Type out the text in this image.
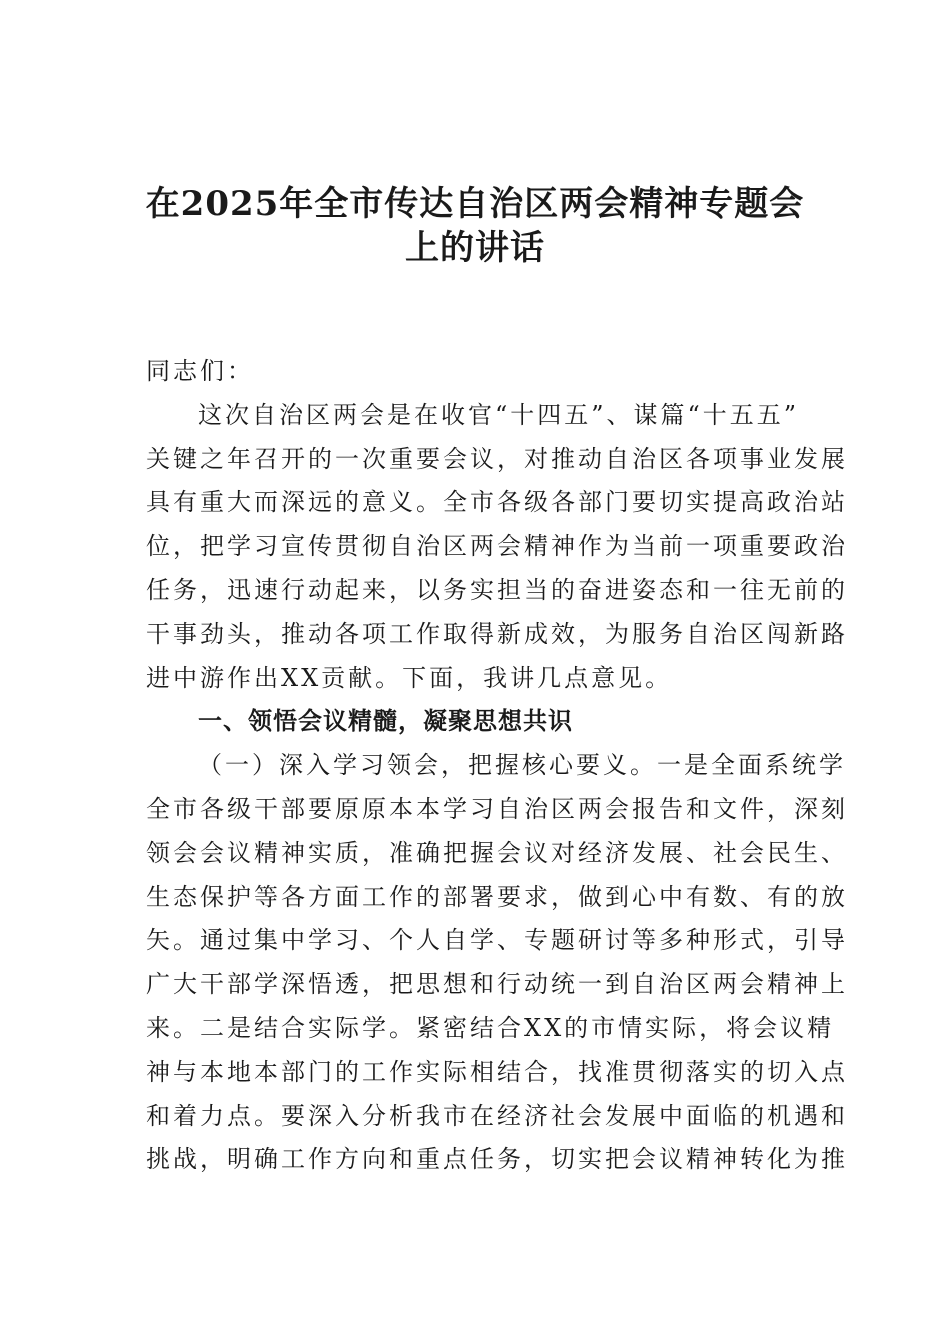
在2025年全市传达自治区两会精神专题会
上的讲话
同志们：
这次自治区两会是在收官“十四五”、谋篇“十五五”
关键之年召开的一次重要会议，对推动自治区各项事业发展
具有重大而深远的意义。全市各级各部门要切实提高政治站
位，把学习宣传贯彻自治区两会精神作为当前一项重要政治
任务，迅速行动起来，以务实担当的奋进姿态和一往无前的
干事劲头，推动各项工作取得新成效，为服务自治区闯新路
进中游作出XX贡献。下面，我讲几点意见。
一、领悟会议精髓，凝聚思想共识
（一）深入学习领会，把握核心要义。一是全面系统学
全市各级干部要原原本本学习自治区两会报告和文件，深刻
领会会议精神实质，准确把握会议对经济发展、社会民生、
生态保护等各方面工作的部署要求，做到心中有数、有的放
矢。通过集中学习、个人自学、专题研讨等多种形式，引导
广大干部学深悟透，把思想和行动统一到自治区两会精神上
来。二是结合实际学。紧密结合XX的市情实际，将会议精
神与本地本部门的工作实际相结合，找准贯彻落实的切入点
和着力点。要深入分析我市在经济社会发展中面临的机遇和
挑战，明确工作方向和重点任务，切实把会议精神转化为推
